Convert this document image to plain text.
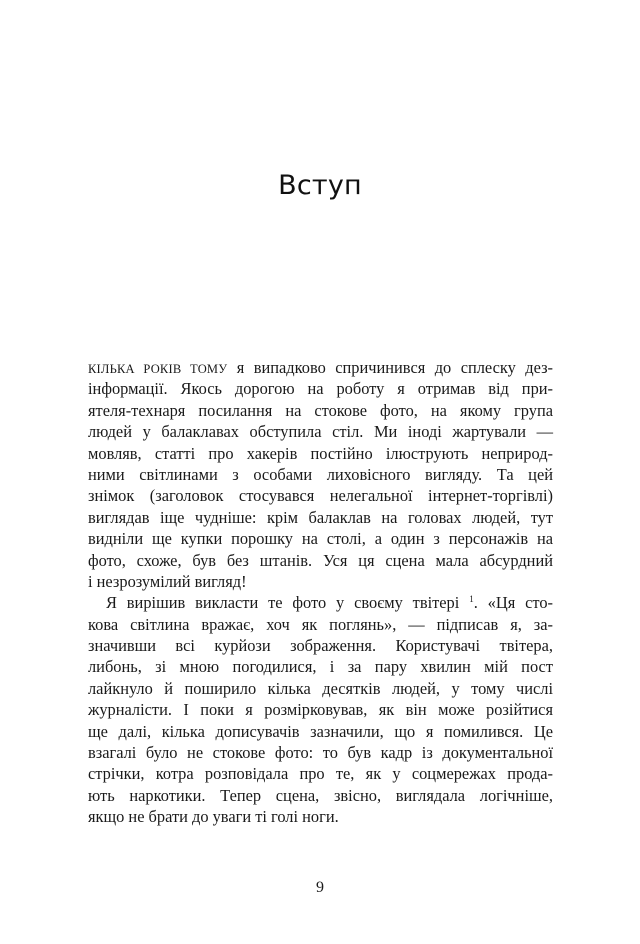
Вступ
КІЛЬКА РОКІВ ТОМУ я випадково спричинився до сплеску дез-
інформації. Якось дорогою на роботу я отримав від при-
ятеля-технаря посилання на стокове фото, на якому група
людей у балаклавах обступила стіл. Ми іноді жартували —
мовляв, статті про хакерів постійно ілюструють неприрод-
ними світлинами з особами лиховісного вигляду. Та цей
знімок (заголовок стосувався нелегальної інтернет-торгівлі)
виглядав іще чудніше: крім балаклав на головах людей, тут
видніли ще купки порошку на столі, а один з персонажів на
фото, схоже, був без штанів. Уся ця сцена мала абсурдний
і незрозумілий вигляд!
Я вирішив викласти те фото у своєму твітері $^1$. «Ця сто-
кова світлина вражає, хоч як поглянь», — підписав я, за-
значивши всі курйози зображення. Користувачі твітера,
либонь, зі мною погодилися, і за пару хвилин мій пост
лайкнуло й поширило кілька десятків людей, у тому числі
журналісти. І поки я розмірковував, як він може розійтися
ще далі, кілька дописувачів зазначили, що я помилився. Це
взагалі було не стокове фото: то був кадр із документальної
стрічки, котра розповідала про те, як у соцмережах прода-
ють наркотики. Тепер сцена, звісно, виглядала логічніше,
якщо не брати до уваги ті голі ноги.
9
